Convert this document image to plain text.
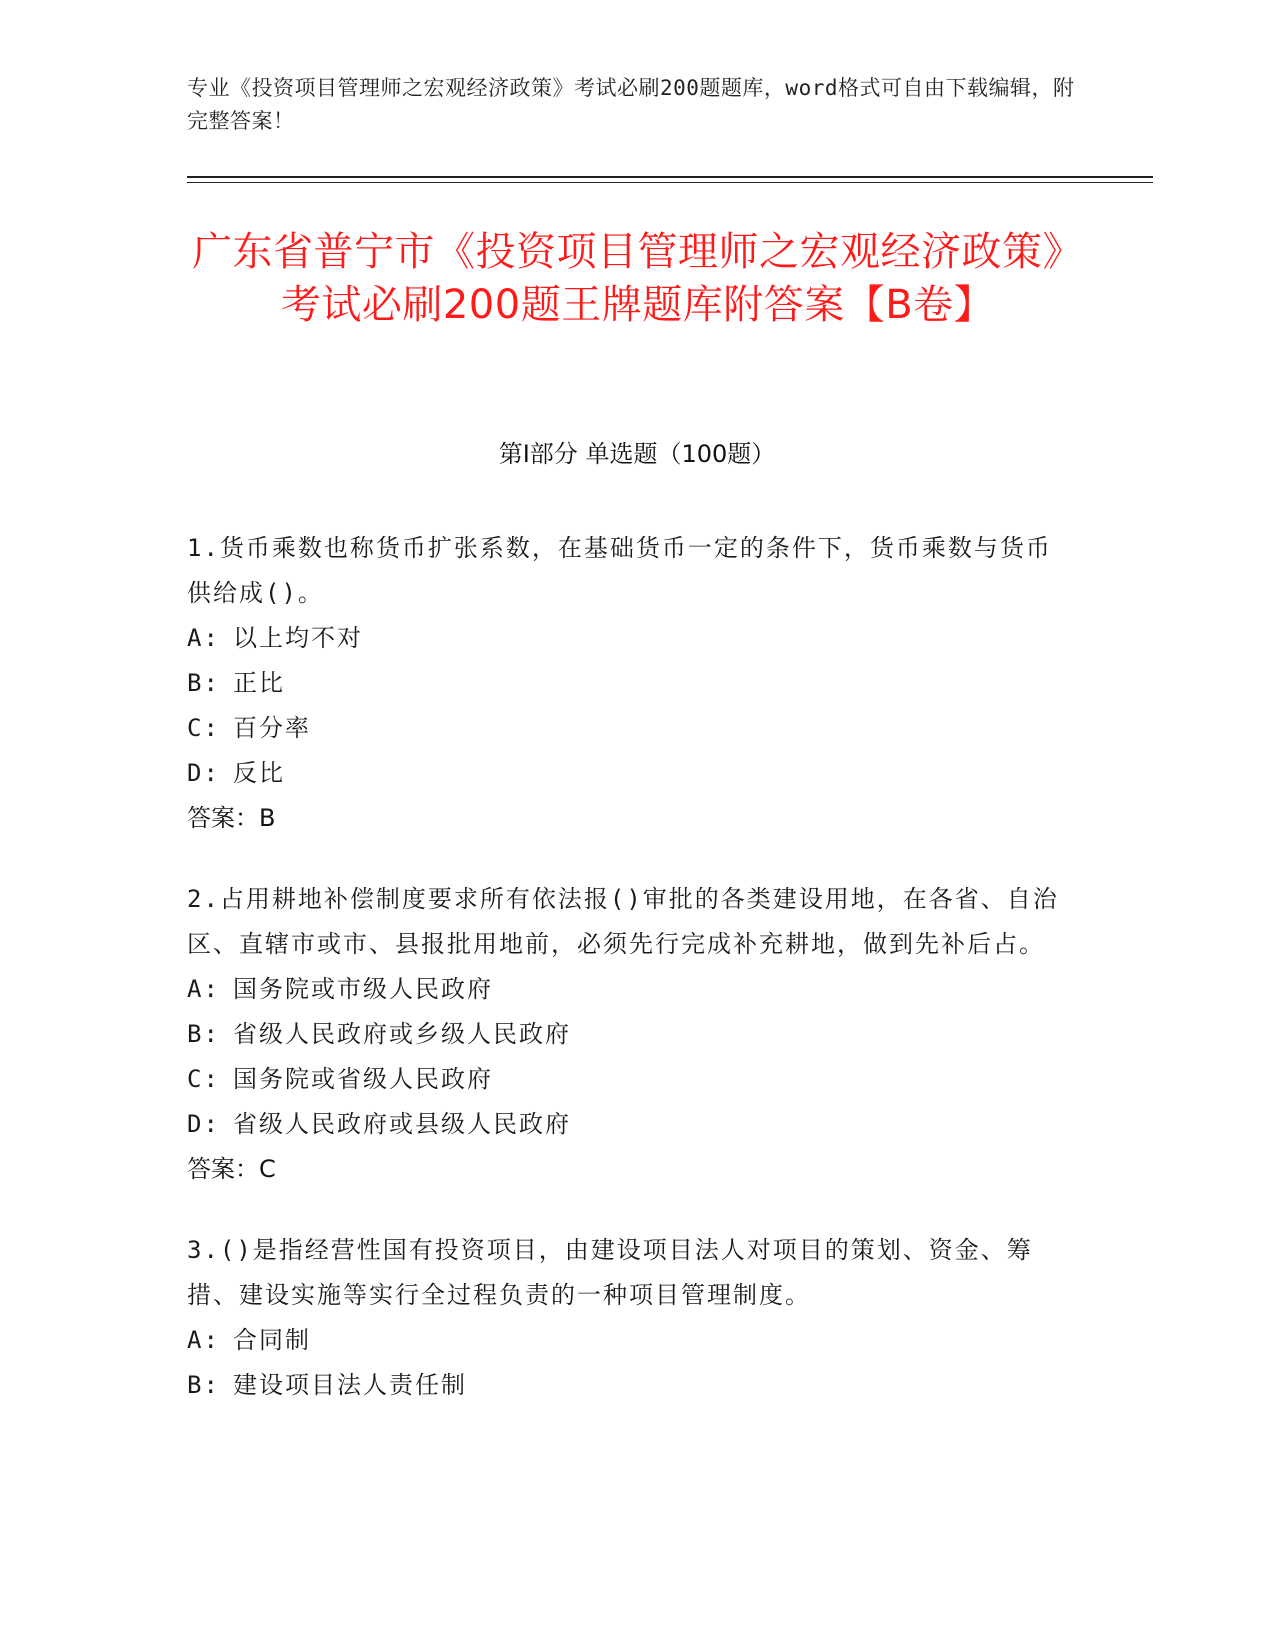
专业《投资项目管理师之宏观经济政策》考试必刷200题题库，word格式可自由下载编辑，附完整答案！
广东省普宁市《投资项目管理师之宏观经济政策》考试必刷200题王牌题库附答案【B卷】
第Ⅰ部分 单选题（100题）

1.货币乘数也称货币扩张系数，在基础货币一定的条件下，货币乘数与货币供给成()。

A: 以上均不对

B: 正比

C: 百分率

D: 反比

答案：B

2.占用耕地补偿制度要求所有依法报()审批的各类建设用地，在各省、自治区、直辖市或市、县报批用地前，必须先行完成补充耕地，做到先补后占。

A: 国务院或市级人民政府

B: 省级人民政府或乡级人民政府

C: 国务院或省级人民政府

D: 省级人民政府或县级人民政府

答案：C

3.()是指经营性国有投资项目，由建设项目法人对项目的策划、资金、筹措、建设实施等实行全过程负责的一种项目管理制度。

A: 合同制

B: 建设项目法人责任制
